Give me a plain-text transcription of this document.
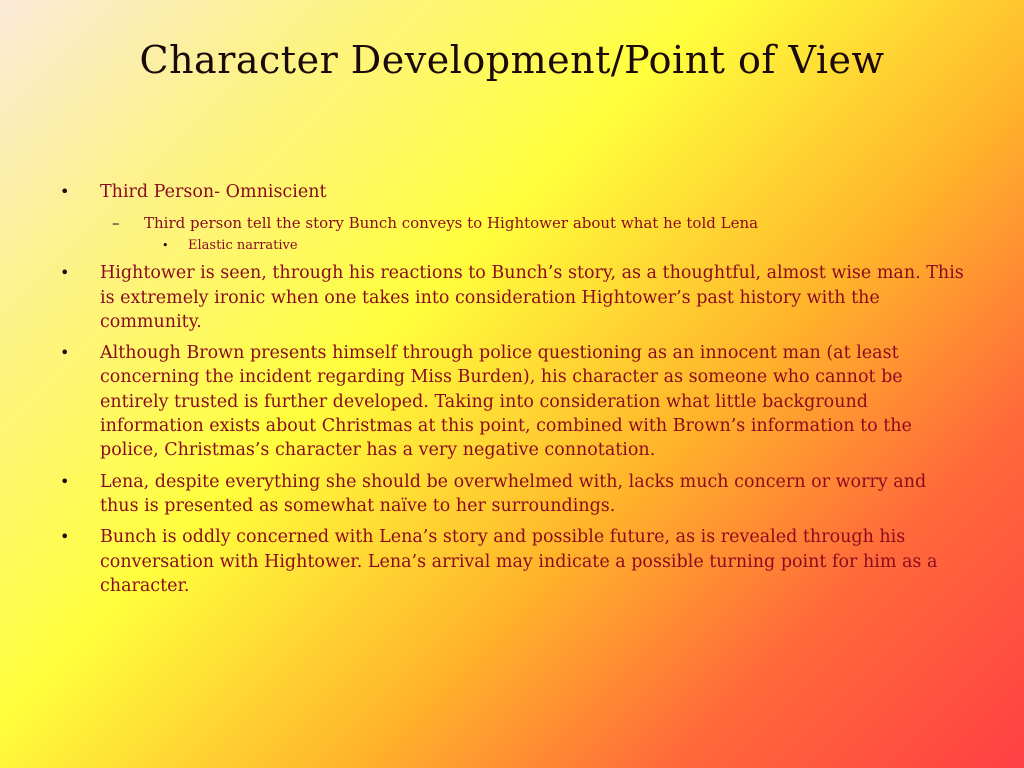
Character Development/Point of View
• Third Person- Omniscient
– Third person tell the story Bunch conveys to Hightower about what he told Lena
• Elastic narrative
• Hightower is seen, through his reactions to Bunch’s story, as a thoughtful, almost wise man. This is extremely ironic when one takes into consideration Hightower’s past history with the community.
• Although Brown presents himself through police questioning as an innocent man (at least concerning the incident regarding Miss Burden), his character as someone who cannot be entirely trusted is further developed. Taking into consideration what little background information exists about Christmas at this point, combined with Brown’s information to the police, Christmas’s character has a very negative connotation.
• Lena, despite everything she should be overwhelmed with, lacks much concern or worry and thus is presented as somewhat naïve to her surroundings.
• Bunch is oddly concerned with Lena’s story and possible future, as is revealed through his conversation with Hightower. Lena’s arrival may indicate a possible turning point for him as a character.
